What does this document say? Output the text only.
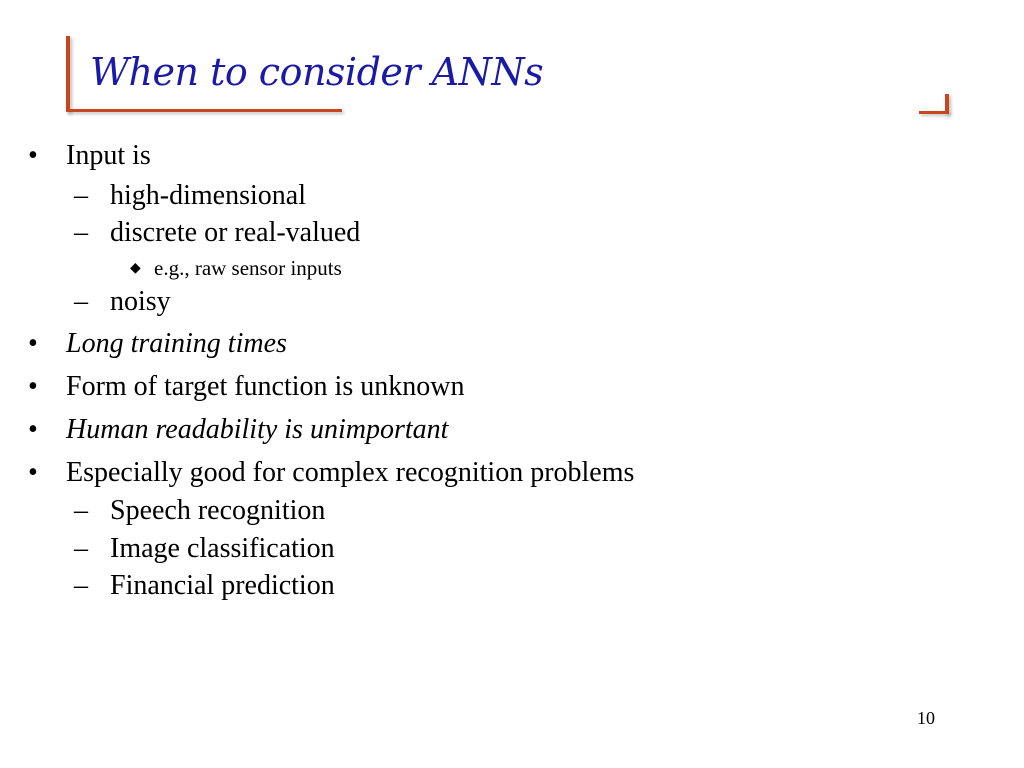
When to consider ANNs
• Input is
– high-dimensional
– discrete or real-valued
◆ e.g., raw sensor inputs
– noisy
• Long training times
• Form of target function is unknown
• Human readability is unimportant
• Especially good for complex recognition problems
– Speech recognition
– Image classification
– Financial prediction
10
